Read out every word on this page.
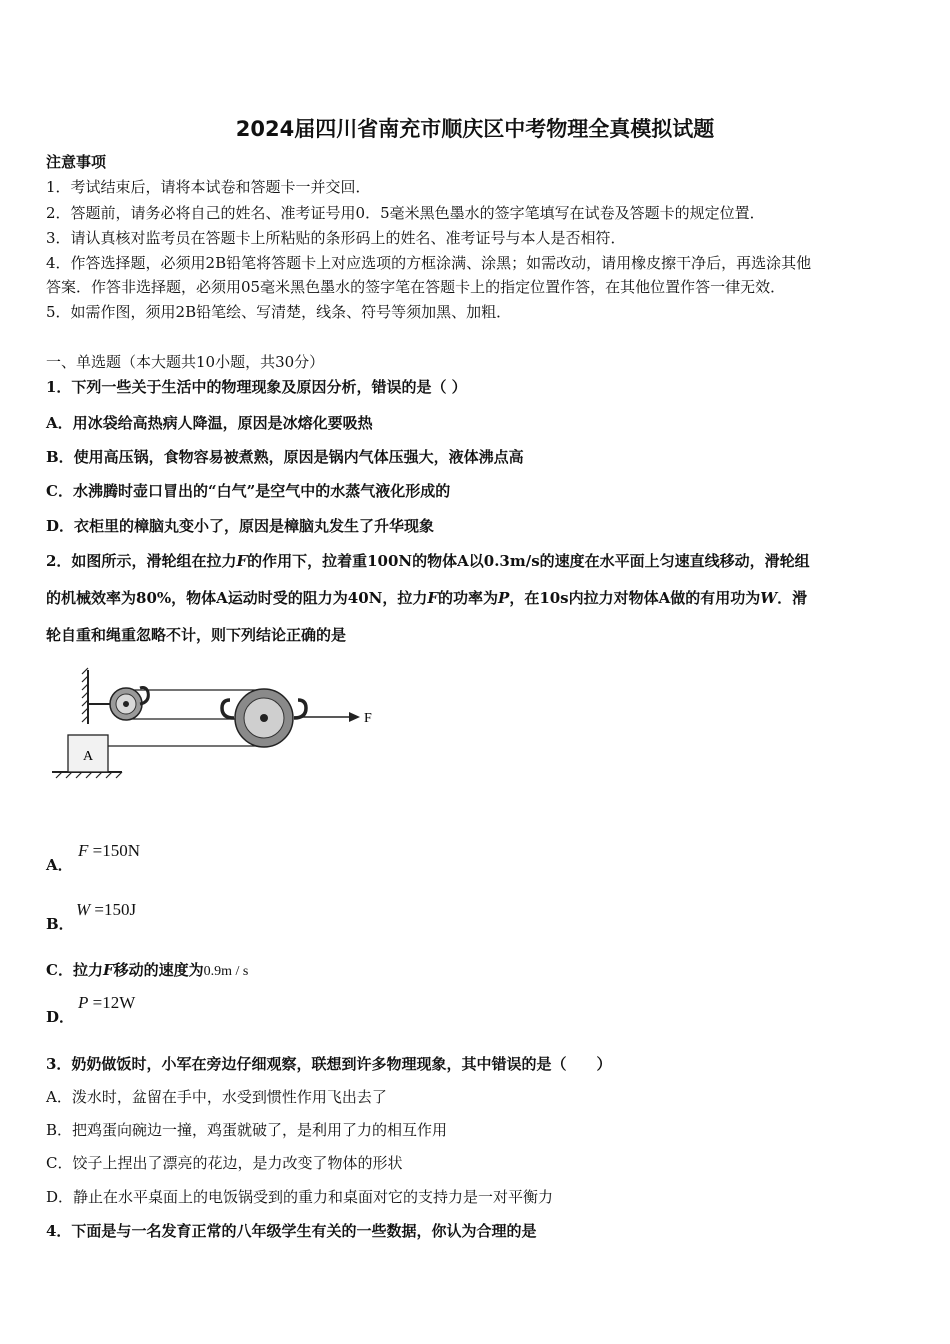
2024届四川省南充市顺庆区中考物理全真模拟试题
注意事项
1．考试结束后，请将本试卷和答题卡一并交回．
2．答题前，请务必将自己的姓名、准考证号用0．5毫米黑色墨水的签字笔填写在试卷及答题卡的规定位置．
3．请认真核对监考员在答题卡上所粘贴的条形码上的姓名、准考证号与本人是否相符．
4．作答选择题，必须用2B铅笔将答题卡上对应选项的方框涂满、涂黑；如需改动，请用橡皮擦干净后，再选涂其他
答案．作答非选择题，必须用05毫米黑色墨水的签字笔在答题卡上的指定位置作答，在其他位置作答一律无效．
5．如需作图，须用2B铅笔绘、写清楚，线条、符号等须加黑、加粗．
一、单选题（本大题共10小题，共30分）
1．下列一些关于生活中的物理现象及原因分析，错误的是（ ）
A．用冰袋给高热病人降温，原因是冰熔化要吸热
B．使用高压锅，食物容易被煮熟，原因是锅内气体压强大，液体沸点高
C．水沸腾时壶口冒出的“白气”是空气中的水蒸气液化形成的
D．衣柜里的樟脑丸变小了，原因是樟脑丸发生了升华现象
2．如图所示，滑轮组在拉力F的作用下，拉着重100N的物体A以0.3m/s的速度在水平面上匀速直线移动，滑轮组
的机械效率为80%，物体A运动时受的阻力为40N，拉力F的功率为P，在10s内拉力对物体A做的有用功为W．滑
轮自重和绳重忽略不计，则下列结论正确的是
A
F
A．
F =150N
B．
W =150J
C．拉力F移动的速度为0.9m / s
D．
P =12W
3．奶奶做饭时，小军在旁边仔细观察，联想到许多物理现象，其中错误的是（　　）
A．泼水时，盆留在手中，水受到惯性作用飞出去了
B．把鸡蛋向碗边一撞，鸡蛋就破了，是利用了力的相互作用
C．饺子上捏出了漂亮的花边，是力改变了物体的形状
D．静止在水平桌面上的电饭锅受到的重力和桌面对它的支持力是一对平衡力
4．下面是与一名发育正常的八年级学生有关的一些数据，你认为合理的是
